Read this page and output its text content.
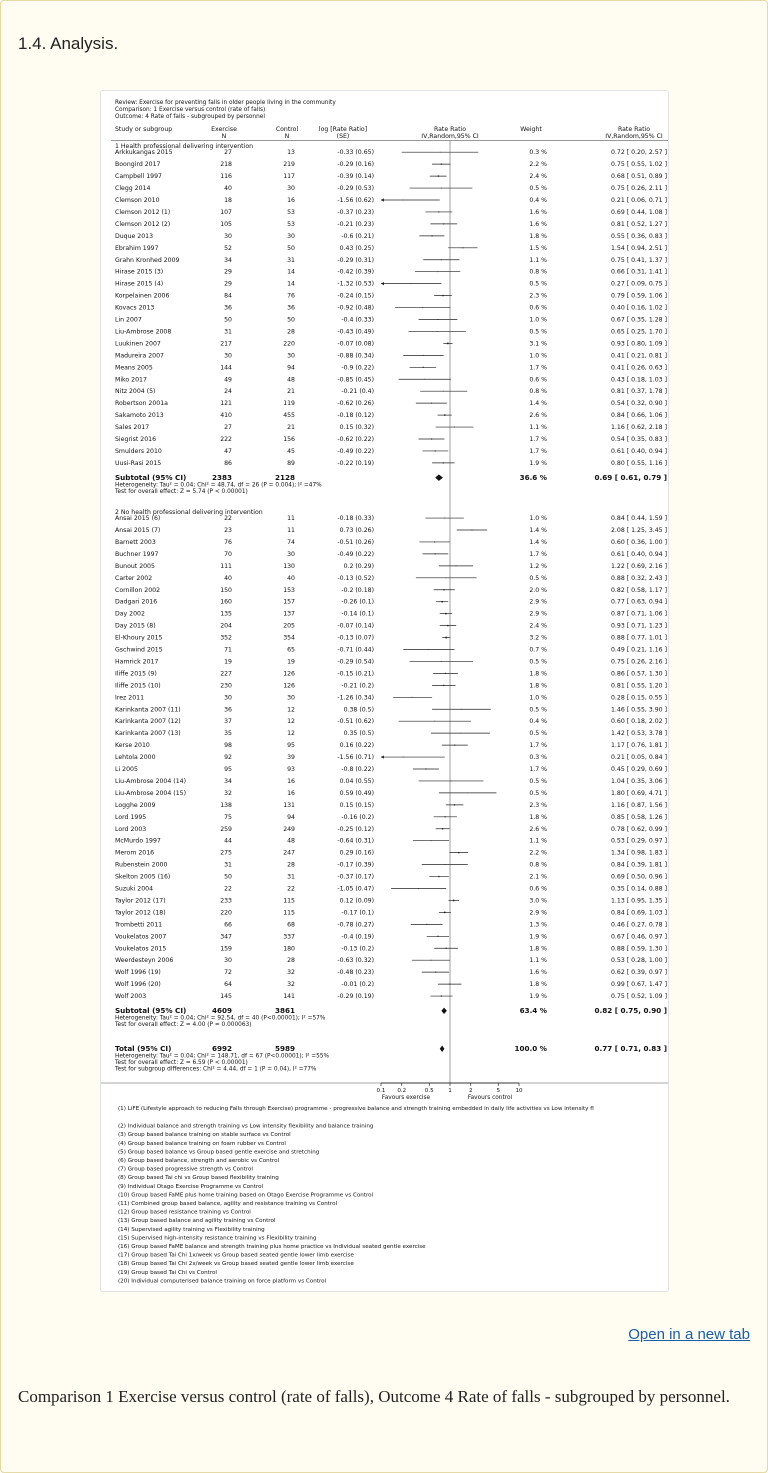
1.4. Analysis.
Review: Exercise for preventing falls in older people living in the community
Comparison: 1 Exercise versus control (rate of falls)
Outcome: 4 Rate of falls - subgrouped by personnel
Study or subgroup	Exercise
N
Control
N
log [Rate Ratio]
(SE)
Rate Ratio
IV,Random,95% CI
Weight	Rate Ratio
IV,Random,95% CI
1 Health professional delivering intervention
Arkkukangas 2015	27	13	-0.33 (0.65)	0.3 %	0.72 [ 0.20, 2.57 ]
Boongird 2017	218	219	-0.29 (0.16)	2.2 %	0.75 [ 0.55, 1.02 ]
Campbell 1997	116	117	-0.39 (0.14)	2.4 %	0.68 [ 0.51, 0.89 ]
Clegg 2014	40	30	-0.29 (0.53)	0.5 %	0.75 [ 0.26, 2.11 ]
Clemson 2010	18	16	-1.56 (0.62)	0.4 %	0.21 [ 0.06, 0.71 ]
Clemson 2012 (1)	107	53	-0.37 (0.23)	1.6 %	0.69 [ 0.44, 1.08 ]
Clemson 2012 (2)	105	53	-0.21 (0.23)	1.6 %	0.81 [ 0.52, 1.27 ]
Duque 2013	30	30	-0.6 (0.21)	1.8 %	0.55 [ 0.36, 0.83 ]
Ebrahim 1997	52	50	0.43 (0.25)	1.5 %	1.54 [ 0.94, 2.51 ]
Grahn Kronhed 2009	34	31	-0.29 (0.31)	1.1 %	0.75 [ 0.41, 1.37 ]
Hirase 2015 (3)	29	14	-0.42 (0.39)	0.8 %	0.66 [ 0.31, 1.41 ]
Hirase 2015 (4)	29	14	-1.32 (0.53)	0.5 %	0.27 [ 0.09, 0.75 ]
Korpelainen 2006	84	76	-0.24 (0.15)	2.3 %	0.79 [ 0.59, 1.06 ]
Kovacs 2013	36	36	-0.92 (0.48)	0.6 %	0.40 [ 0.16, 1.02 ]
Lin 2007	50	50	-0.4 (0.33)	1.0 %	0.67 [ 0.35, 1.28 ]
Liu-Ambrose 2008	31	28	-0.43 (0.49)	0.5 %	0.65 [ 0.25, 1.70 ]
Luukinen 2007	217	220	-0.07 (0.08)	3.1 %	0.93 [ 0.80, 1.09 ]
Madureira 2007	30	30	-0.88 (0.34)	1.0 %	0.41 [ 0.21, 0.81 ]
Means 2005	144	94	-0.9 (0.22)	1.7 %	0.41 [ 0.26, 0.63 ]
Miko 2017	49	48	-0.85 (0.45)	0.6 %	0.43 [ 0.18, 1.03 ]
Nitz 2004 (5)	24	21	-0.21 (0.4)	0.8 %	0.81 [ 0.37, 1.78 ]
Robertson 2001a	121	119	-0.62 (0.26)	1.4 %	0.54 [ 0.32, 0.90 ]
Sakamoto 2013	410	455	-0.18 (0.12)	2.6 %	0.84 [ 0.66, 1.06 ]
Sales 2017	27	21	0.15 (0.32)	1.1 %	1.16 [ 0.62, 2.18 ]
Siegrist 2016	222	156	-0.62 (0.22)	1.7 %	0.54 [ 0.35, 0.83 ]
Smulders 2010	47	45	-0.49 (0.22)	1.7 %	0.61 [ 0.40, 0.94 ]
Uusi-Rasi 2015	86	89	-0.22 (0.19)	1.9 %	0.80 [ 0.55, 1.16 ]
Subtotal (95% CI)	2383	2128	36.6 %	0.69 [ 0.61, 0.79 ]
Heterogeneity: Tau² = 0.04; Chi² = 48.74, df = 26 (P = 0.004); I² =47%
Test for overall effect: Z = 5.74 (P < 0.00001)
2 No health professional delivering intervention
Ansai 2015 (6)	22	11	-0.18 (0.33)	1.0 %	0.84 [ 0.44, 1.59 ]
Ansai 2015 (7)	23	11	0.73 (0.26)	1.4 %	2.08 [ 1.25, 3.45 ]
Barnett 2003	76	74	-0.51 (0.26)	1.4 %	0.60 [ 0.36, 1.00 ]
Buchner 1997	70	30	-0.49 (0.22)	1.7 %	0.61 [ 0.40, 0.94 ]
Bunout 2005	111	130	0.2 (0.29)	1.2 %	1.22 [ 0.69, 2.16 ]
Carter 2002	40	40	-0.13 (0.52)	0.5 %	0.88 [ 0.32, 2.43 ]
Cornillon 2002	150	153	-0.2 (0.18)	2.0 %	0.82 [ 0.58, 1.17 ]
Dadgari 2016	160	157	-0.26 (0.1)	2.9 %	0.77 [ 0.63, 0.94 ]
Day 2002	135	137	-0.14 (0.1)	2.9 %	0.87 [ 0.71, 1.06 ]
Day 2015 (8)	204	205	-0.07 (0.14)	2.4 %	0.93 [ 0.71, 1.23 ]
El-Khoury 2015	352	354	-0.13 (0.07)	3.2 %	0.88 [ 0.77, 1.01 ]
Gschwind 2015	71	65	-0.71 (0.44)	0.7 %	0.49 [ 0.21, 1.16 ]
Hamrick 2017	19	19	-0.29 (0.54)	0.5 %	0.75 [ 0.26, 2.16 ]
Iliffe 2015 (9)	227	126	-0.15 (0.21)	1.8 %	0.86 [ 0.57, 1.30 ]
Iliffe 2015 (10)	230	126	-0.21 (0.2)	1.8 %	0.81 [ 0.55, 1.20 ]
Irez 2011	30	30	-1.26 (0.34)	1.0 %	0.28 [ 0.15, 0.55 ]
Karinkanta 2007 (11)	36	12	0.38 (0.5)	0.5 %	1.46 [ 0.55, 3.90 ]
Karinkanta 2007 (12)	37	12	-0.51 (0.62)	0.4 %	0.60 [ 0.18, 2.02 ]
Karinkanta 2007 (13)	35	12	0.35 (0.5)	0.5 %	1.42 [ 0.53, 3.78 ]
Kerse 2010	98	95	0.16 (0.22)	1.7 %	1.17 [ 0.76, 1.81 ]
Lehtola 2000	92	39	-1.56 (0.71)	0.3 %	0.21 [ 0.05, 0.84 ]
Li 2005	95	93	-0.8 (0.22)	1.7 %	0.45 [ 0.29, 0.69 ]
Liu-Ambrose 2004 (14)	34	16	0.04 (0.55)	0.5 %	1.04 [ 0.35, 3.06 ]
Liu-Ambrose 2004 (15)	32	16	0.59 (0.49)	0.5 %	1.80 [ 0.69, 4.71 ]
Logghe 2009	138	131	0.15 (0.15)	2.3 %	1.16 [ 0.87, 1.56 ]
Lord 1995	75	94	-0.16 (0.2)	1.8 %	0.85 [ 0.58, 1.26 ]
Lord 2003	259	249	-0.25 (0.12)	2.6 %	0.78 [ 0.62, 0.99 ]
McMurdo 1997	44	48	-0.64 (0.31)	1.1 %	0.53 [ 0.29, 0.97 ]
Merom 2016	275	247	0.29 (0.16)	2.2 %	1.34 [ 0.98, 1.83 ]
Rubenstein 2000	31	28	-0.17 (0.39)	0.8 %	0.84 [ 0.39, 1.81 ]
Skelton 2005 (16)	50	31	-0.37 (0.17)	2.1 %	0.69 [ 0.50, 0.96 ]
Suzuki 2004	22	22	-1.05 (0.47)	0.6 %	0.35 [ 0.14, 0.88 ]
Taylor 2012 (17)	233	115	0.12 (0.09)	3.0 %	1.13 [ 0.95, 1.35 ]
Taylor 2012 (18)	220	115	-0.17 (0.1)	2.9 %	0.84 [ 0.69, 1.03 ]
Trombetti 2011	66	68	-0.78 (0.27)	1.3 %	0.46 [ 0.27, 0.78 ]
Voukelatos 2007	347	337	-0.4 (0.19)	1.9 %	0.67 [ 0.46, 0.97 ]
Voukelatos 2015	159	180	-0.13 (0.2)	1.8 %	0.88 [ 0.59, 1.30 ]
Weerdesteyn 2006	30	28	-0.63 (0.32)	1.1 %	0.53 [ 0.28, 1.00 ]
Wolf 1996 (19)	72	32	-0.48 (0.23)	1.6 %	0.62 [ 0.39, 0.97 ]
Wolf 1996 (20)	64	32	-0.01 (0.2)	1.8 %	0.99 [ 0.67, 1.47 ]
Wolf 2003	145	141	-0.29 (0.19)	1.9 %	0.75 [ 0.52, 1.09 ]
Subtotal (95% CI)	4609	3861	63.4 %	0.82 [ 0.75, 0.90 ]
Heterogeneity: Tau² = 0.04; Chi² = 92.54, df = 40 (P<0.00001); I² =57%
Test for overall effect: Z = 4.00 (P = 0.000063)
Total (95% CI)	6992	5989	100.0 %	0.77 [ 0.71, 0.83 ]
Heterogeneity: Tau² = 0.04; Chi² = 148.71, df = 67 (P<0.00001); I² =55%
Test for overall effect: Z = 6.59 (P < 0.00001)
Test for subgroup differences: Chi² = 4.44, df = 1 (P = 0.04), I² =77%
0.1 0.2	0.5	1	2	5	10
Favours exercise	Favours control
(1) LiFE (Lifestyle approach to reducing Falls through Exercise) programme - progressive balance and strength training embedded in daily life activities vs Low intensity fl
(2) Individual balance and strength training vs Low intensity flexibility and balance training
(3) Group based balance training on stable surface vs Control
(4) Group based balance training on foam rubber vs Control
(5) Group based balance vs Group based gentle exercise and stretching
(6) Group based balance, strength and aerobic vs Control
(7) Group based progressive strength vs Control
(8) Group based Tai chi vs Group based flexibility training
(9) Individual Otago Exercise Programme vs Control
(10) Group based FaME plus home training based on Otago Exercise Programme vs Control
(11) Combined group based balance, agility and resistance training vs Control
(12) Group based resistance training vs Control
(13) Group based balance and agility training vs Control
(14) Supervised agility training vs Flexibility training
(15) Supervised high-intensity resistance training vs Flexibility training
(16) Group based FaME balance and strength training plus home practice vs Individual seated gentle exercise
(17) Group based Tai Chi 1x/week vs Group based seated gentle lower limb exercise
(18) Group based Tai Chi 2x/week vs Group based seated gentle lower limb exercise
(19) Group based Tai Chi vs Control
(20) Individual computerised balance training on force platform vs Control
Open in a new tab
Comparison 1 Exercise versus control (rate of falls), Outcome 4 Rate of falls - subgrouped by personnel.
